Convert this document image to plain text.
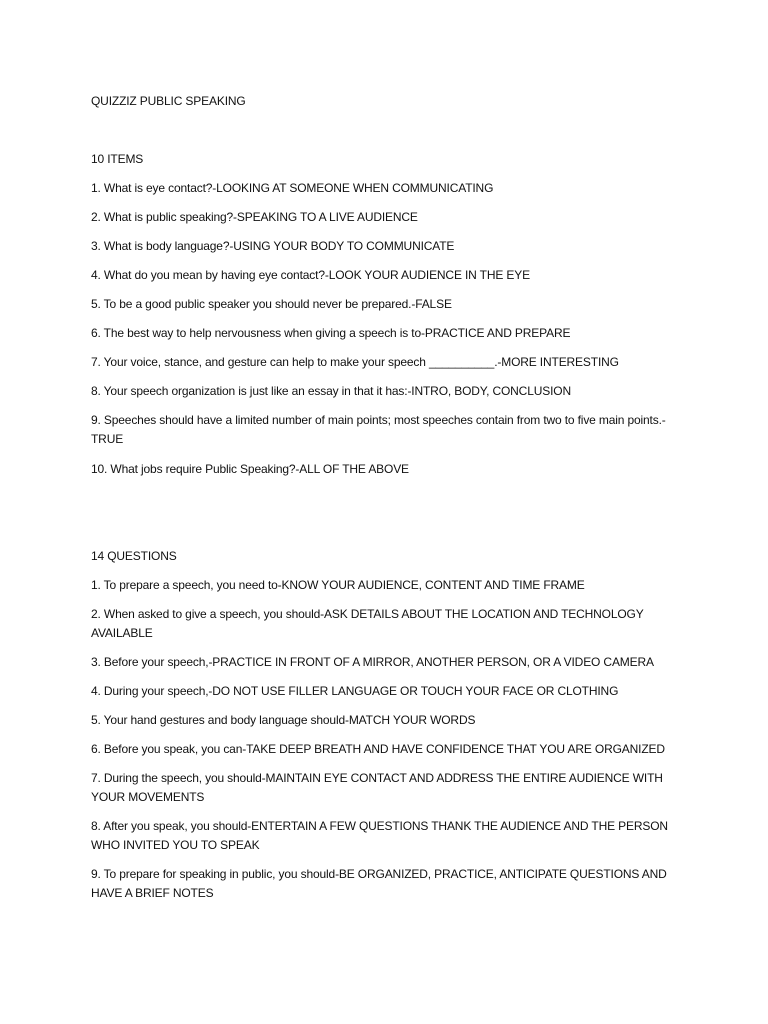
QUIZZIZ PUBLIC SPEAKING

10 ITEMS

1. What is eye contact?-LOOKING AT SOMEONE WHEN COMMUNICATING

2. What is public speaking?-SPEAKING TO A LIVE AUDIENCE

3. What is body language?-USING YOUR BODY TO COMMUNICATE

4. What do you mean by having eye contact?-LOOK YOUR AUDIENCE IN THE EYE

5. To be a good public speaker you should never be prepared.-FALSE

6. The best way to help nervousness when giving a speech is to-PRACTICE AND PREPARE

7. Your voice, stance, and gesture can help to make your speech __________.-MORE INTERESTING

8. Your speech organization is just like an essay in that it has:-INTRO, BODY, CONCLUSION

9. Speeches should have a limited number of main points; most speeches contain from two to five main points.-TRUE

10. What jobs require Public Speaking?-ALL OF THE ABOVE

14 QUESTIONS

1. To prepare a speech, you need to-KNOW YOUR AUDIENCE, CONTENT AND TIME FRAME

2. When asked to give a speech, you should-ASK DETAILS ABOUT THE LOCATION AND TECHNOLOGY AVAILABLE

3. Before your speech,-PRACTICE IN FRONT OF A MIRROR, ANOTHER PERSON, OR A VIDEO CAMERA

4. During your speech,-DO NOT USE FILLER LANGUAGE OR TOUCH YOUR FACE OR CLOTHING

5. Your hand gestures and body language should-MATCH YOUR WORDS

6. Before you speak, you can-TAKE DEEP BREATH AND HAVE CONFIDENCE THAT YOU ARE ORGANIZED

7. During the speech, you should-MAINTAIN EYE CONTACT AND ADDRESS THE ENTIRE AUDIENCE WITH YOUR MOVEMENTS

8. After you speak, you should-ENTERTAIN A FEW QUESTIONS THANK THE AUDIENCE AND THE PERSON WHO INVITED YOU TO SPEAK

9. To prepare for speaking in public, you should-BE ORGANIZED, PRACTICE, ANTICIPATE QUESTIONS AND HAVE A BRIEF NOTES
